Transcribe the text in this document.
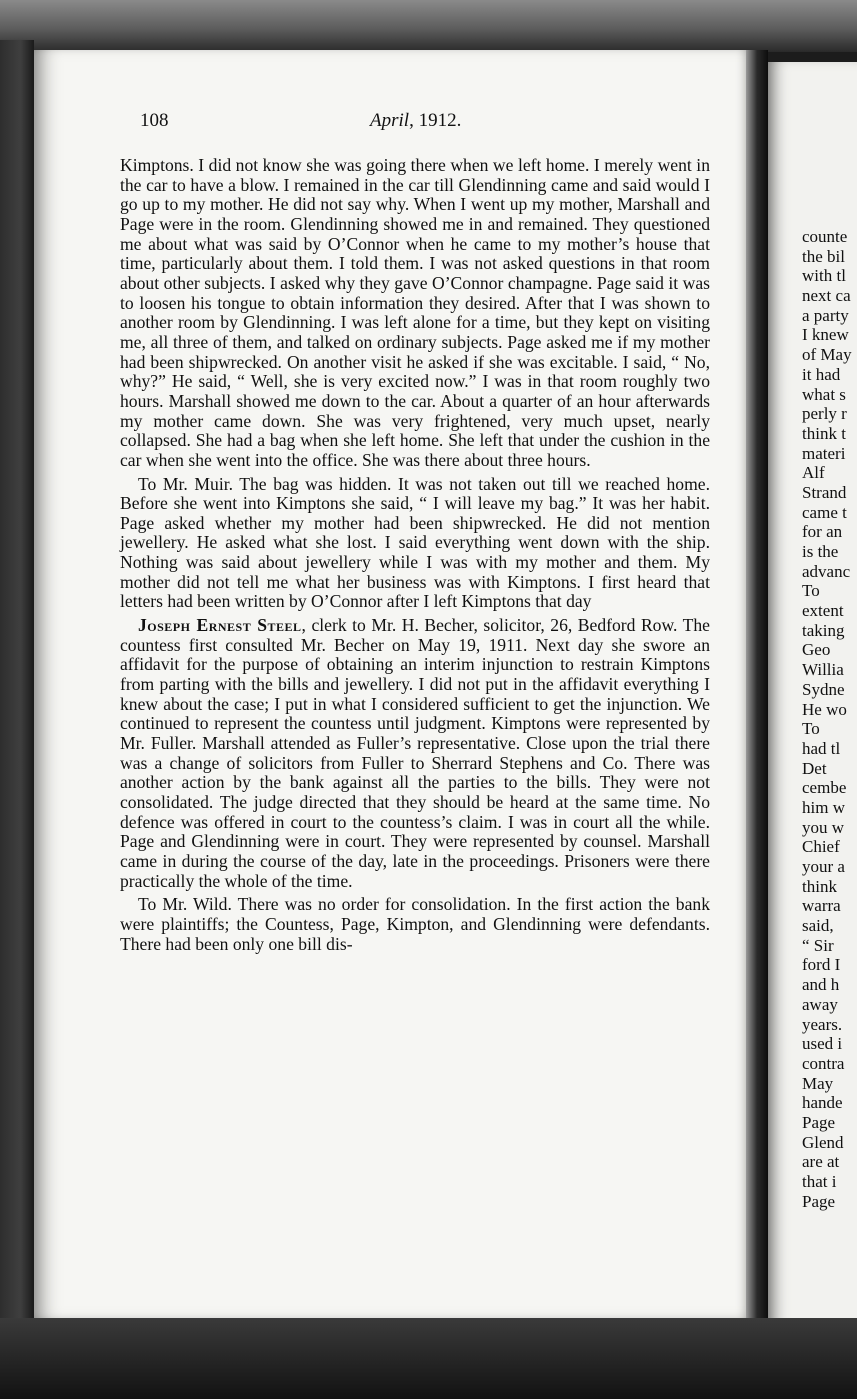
counte
the bil
with tl
next ca
a party
I knew
of May
it had
what s
perly r
think t
materi
Alf
Strand
came t
for an
is the
advanc
To
extent
taking
Geo
Willia
Sydne
He wo
To
had tl
Det
cembe
him w
you w
Chief
your a
think
warra
said,
“ Sir
ford I
and h
away
years.
used i
contra
May
hande
Page
Glend
are at
that i
Page
108	April, 1912.

Kimptons. I did not know she was going there when we left home. I merely went in the car to have a blow. I remained in the car till Glendinning came and said would I go up to my mother. He did not say why. When I went up my mother, Marshall and Page were in the room. Glendinning showed me in and remained. They questioned me about what was said by O’Connor when he came to my mother’s house that time, particularly about them. I told them. I was not asked questions in that room about other subjects. I asked why they gave O’Connor champagne. Page said it was to loosen his tongue to obtain information they desired. After that I was shown to another room by Glendinning. I was left alone for a time, but they kept on visiting me, all three of them, and talked on ordinary subjects. Page asked me if my mother had been shipwrecked. On another visit he asked if she was excitable. I said, “ No, why?” He said, “ Well, she is very excited now.” I was in that room roughly two hours. Marshall showed me down to the car. About a quarter of an hour afterwards my mother came down. She was very frightened, very much upset, nearly collapsed. She had a bag when she left home. She left that under the cushion in the car when she went into the office. She was there about three hours.

To Mr. Muir. The bag was hidden. It was not taken out till we reached home. Before she went into Kimptons she said, “ I will leave my bag.” It was her habit. Page asked whether my mother had been shipwrecked. He did not mention jewellery. He asked what she lost. I said everything went down with the ship. Nothing was said about jewellery while I was with my mother and them. My mother did not tell me what her business was with Kimptons. I first heard that letters had been written by O’Connor after I left Kimptons that day

Joseph Ernest Steel, clerk to Mr. H. Becher, solicitor, 26, Bedford Row. The countess first consulted Mr. Becher on May 19, 1911. Next day she swore an affidavit for the purpose of obtaining an interim injunction to restrain Kimptons from parting with the bills and jewellery. I did not put in the affidavit everything I knew about the case; I put in what I considered sufficient to get the injunction. We continued to represent the countess until judgment. Kimptons were represented by Mr. Fuller. Marshall attended as Fuller’s representative. Close upon the trial there was a change of solicitors from Fuller to Sherrard Stephens and Co. There was another action by the bank against all the parties to the bills. They were not consolidated. The judge directed that they should be heard at the same time. No defence was offered in court to the countess’s claim. I was in court all the while. Page and Glendinning were in court. They were represented by counsel. Marshall came in during the course of the day, late in the proceedings. Prisoners were there practically the whole of the time.

To Mr. Wild. There was no order for consolidation. In the first action the bank were plaintiffs; the Countess, Page, Kimpton, and Glendinning were defendants. There had been only one bill dis-
